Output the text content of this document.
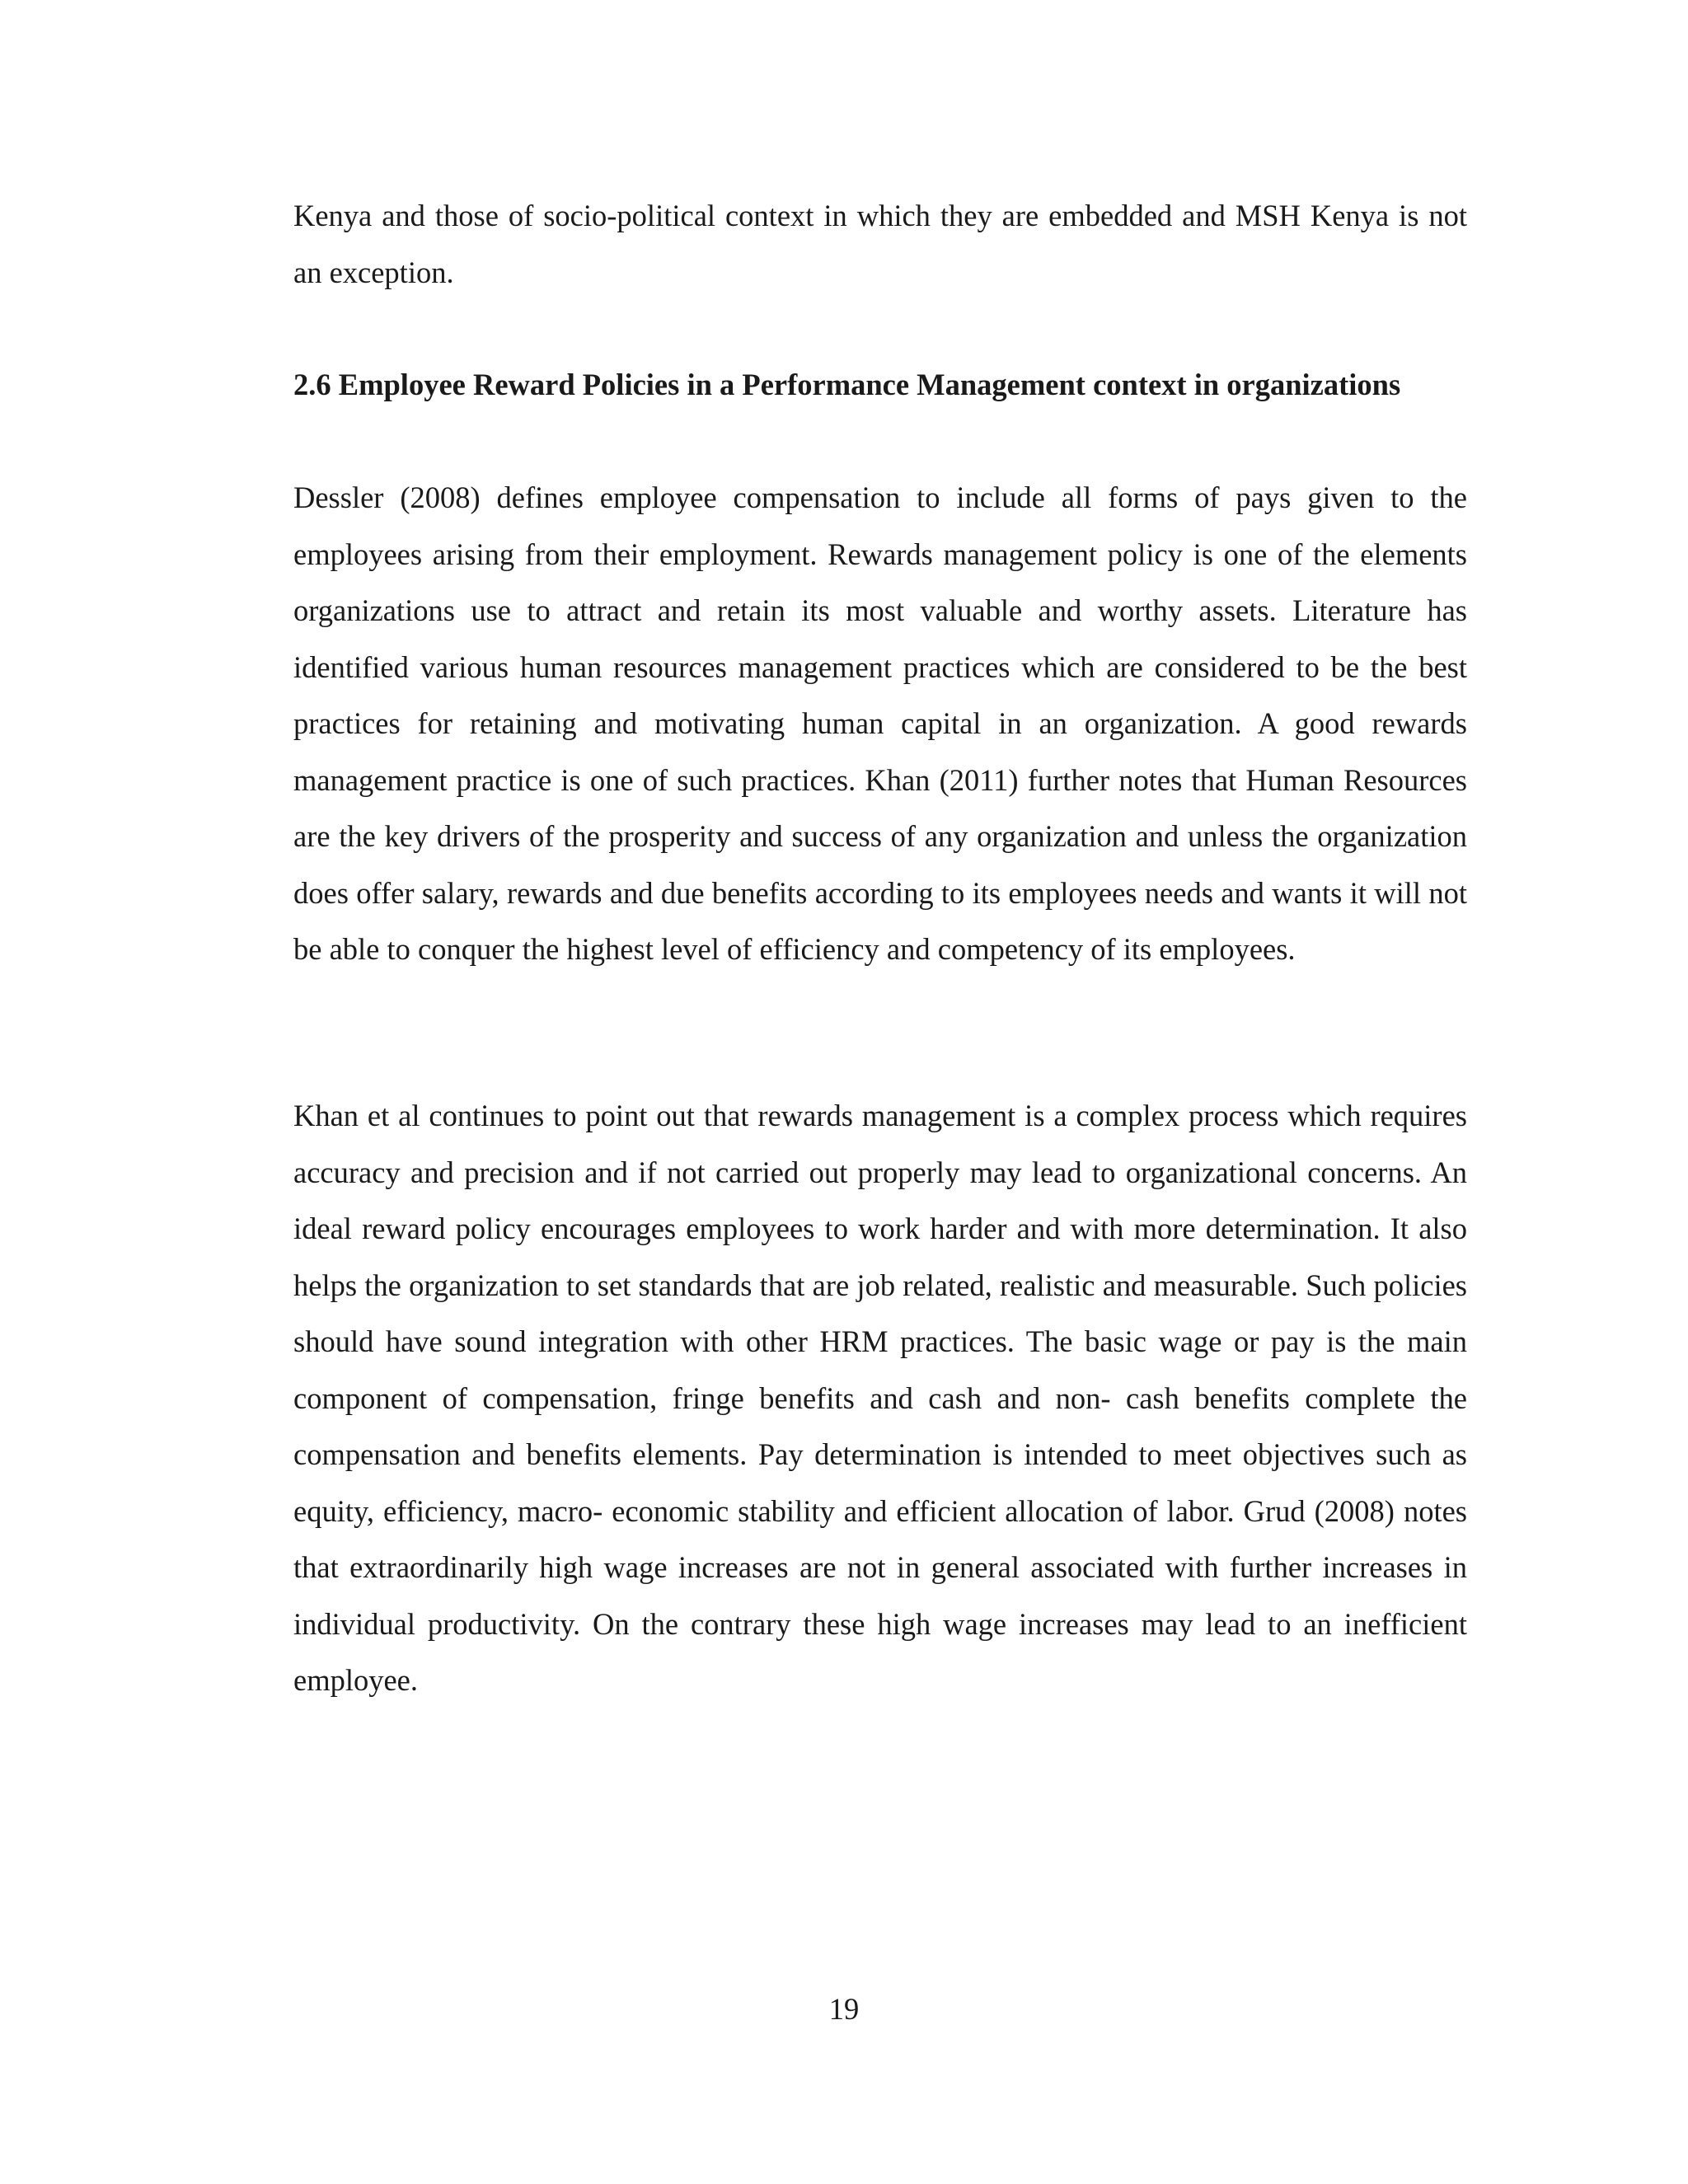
Kenya and those of socio-political context in which they are embedded and MSH Kenya is not an exception.

2.6 Employee Reward Policies in a Performance Management context in organizations

Dessler (2008) defines employee compensation to include all forms of pays given to the employees arising from their employment. Rewards management policy is one of the elements organizations use to attract and retain its most valuable and worthy assets. Literature has identified various human resources management practices which are considered to be the best practices for retaining and motivating human capital in an organization. A good rewards management practice is one of such practices. Khan (2011) further notes that Human Resources are the key drivers of the prosperity and success of any organization and unless the organization does offer salary, rewards and due benefits according to its employees needs and wants it will not be able to conquer the highest level of efficiency and competency of its employees.

Khan et al continues to point out that rewards management is a complex process which requires accuracy and precision and if not carried out properly may lead to organizational concerns. An ideal reward policy encourages employees to work harder and with more determination. It also helps the organization to set standards that are job related, realistic and measurable. Such policies should have sound integration with other HRM practices. The basic wage or pay is the main component of compensation, fringe benefits and cash and non- cash benefits complete the compensation and benefits elements. Pay determination is intended to meet objectives such as equity, efficiency, macro- economic stability and efficient allocation of labor. Grud (2008) notes that extraordinarily high wage increases are not in general associated with further increases in individual productivity. On the contrary these high wage increases may lead to an inefficient employee.

19
